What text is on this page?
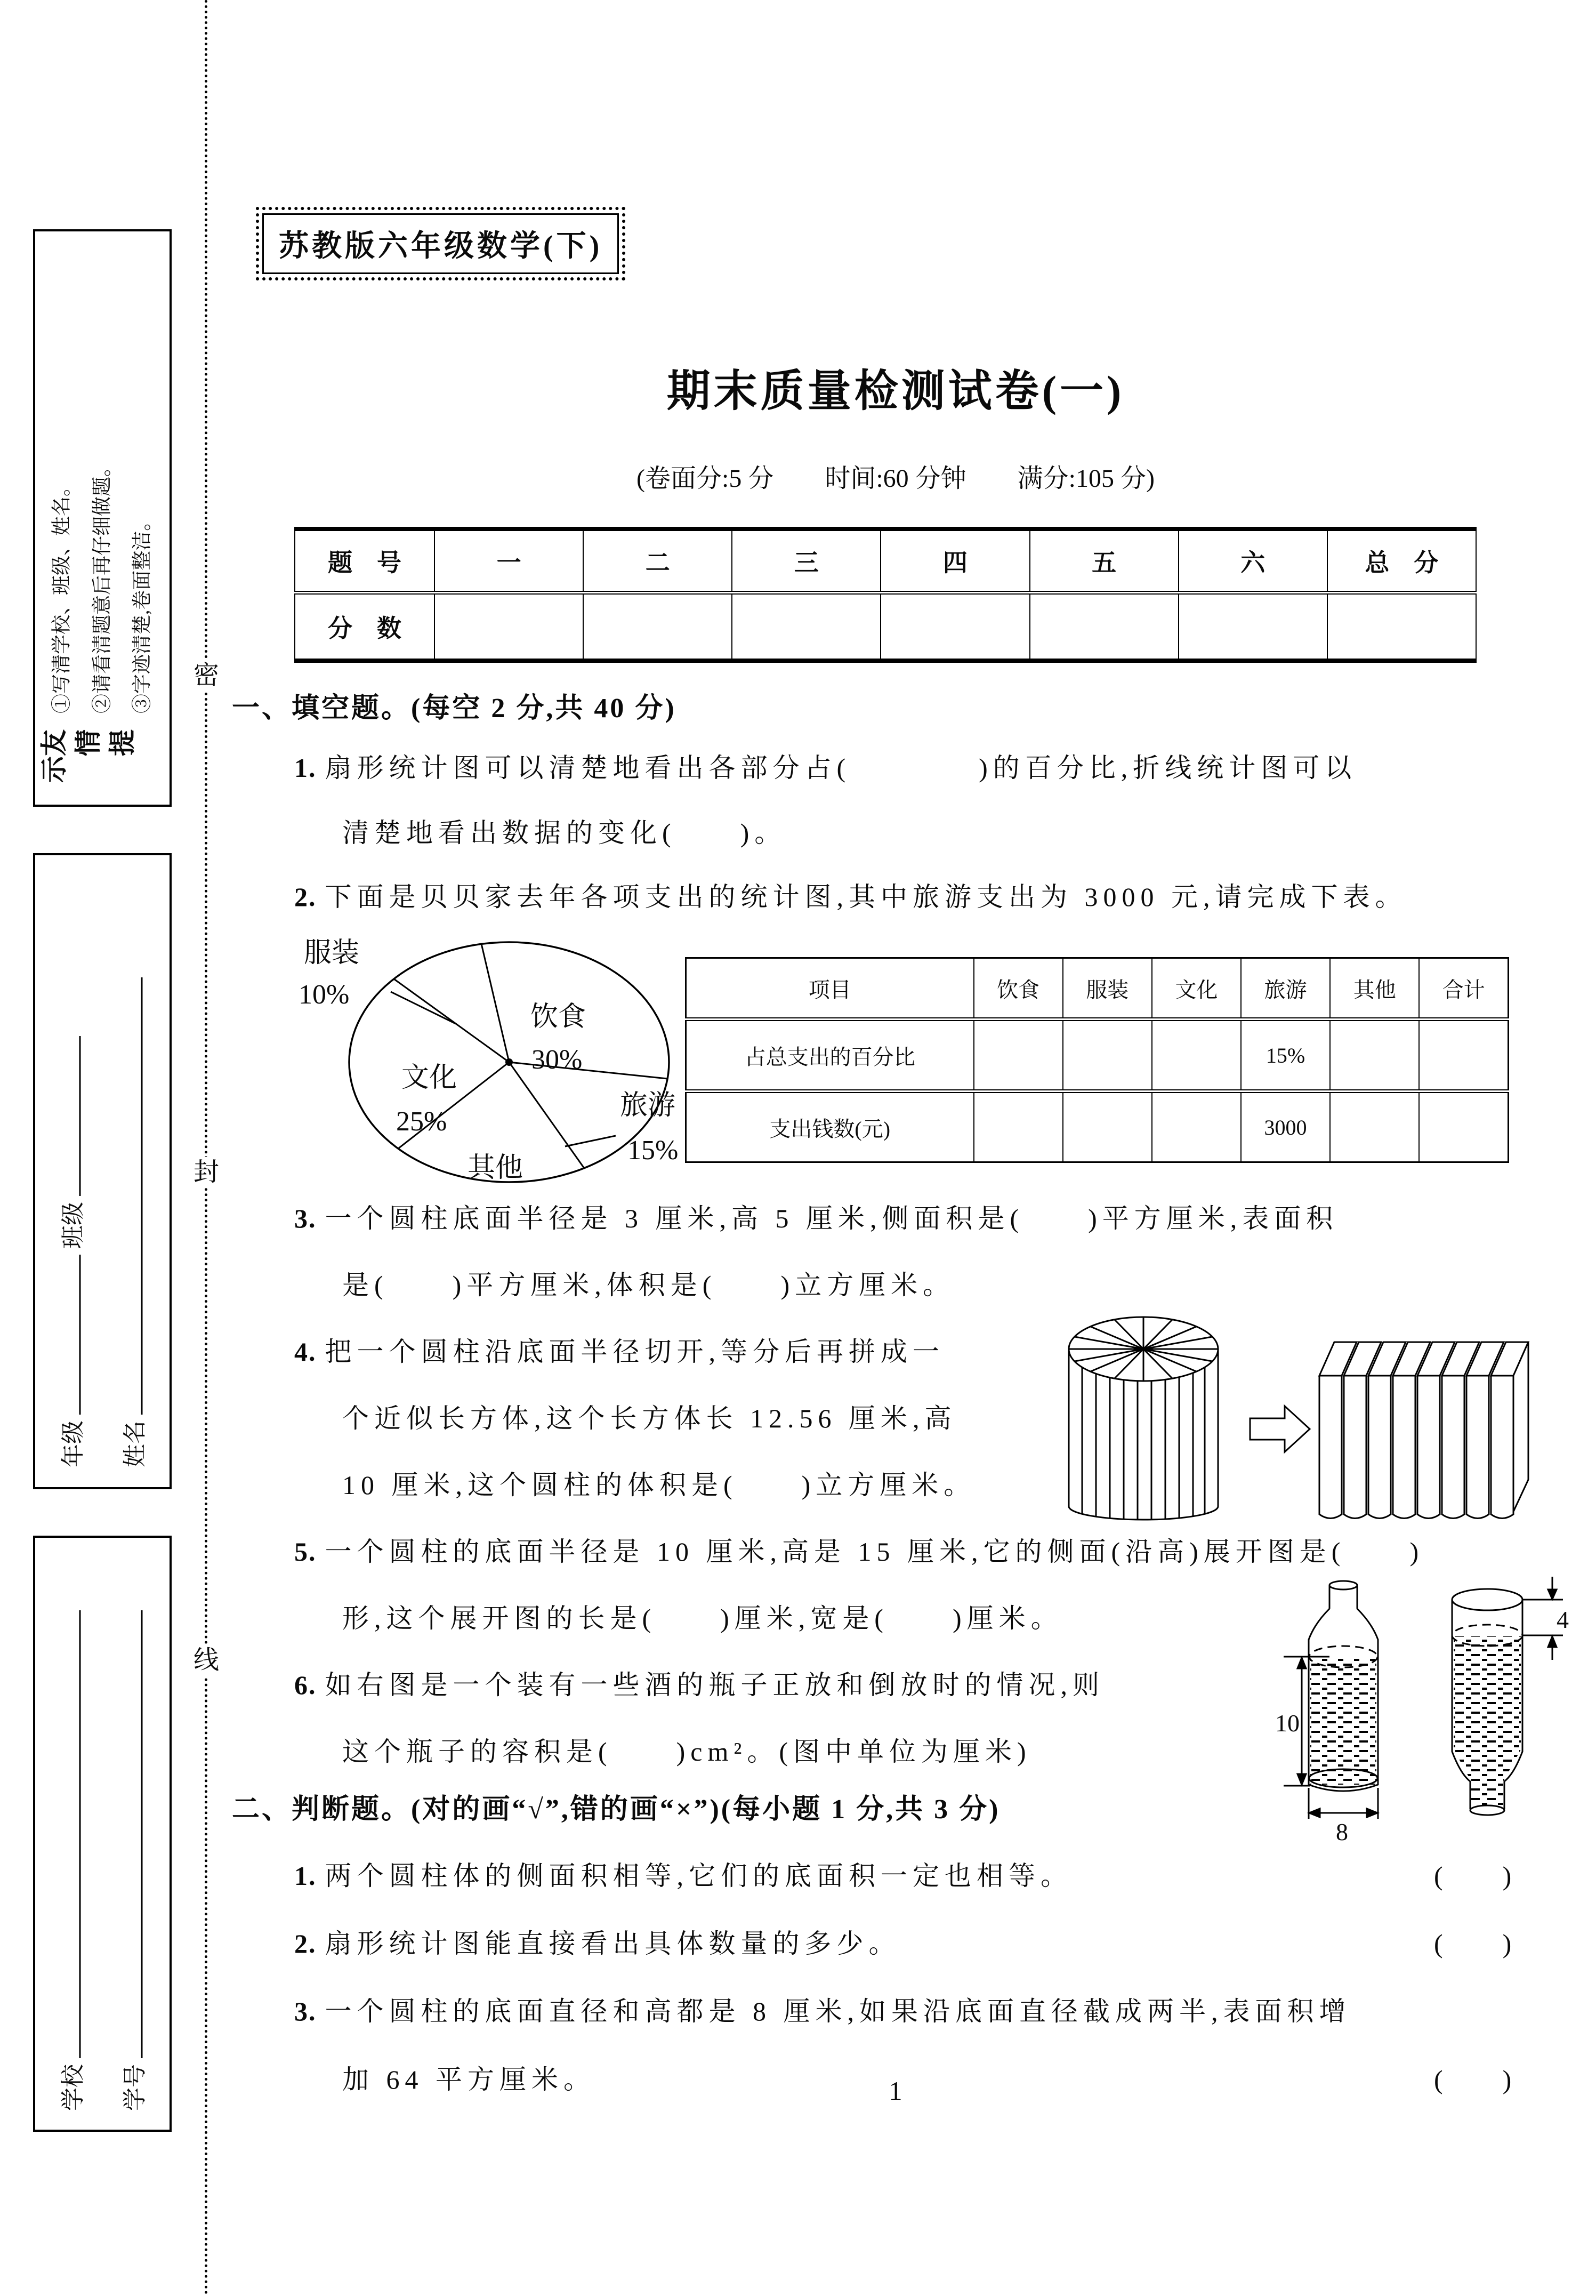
友情提示
①写清学校、班级、姓名。 ②请看清题意后再仔细做题。 ③字迹清楚,卷面整洁。
年级  班级
姓名
学校 学号
密
封
线
苏教版六年级数学(下)
期末质量检测试卷(一)
(卷面分:5 分　　时间:60 分钟　　满分:105 分)
题　号	一	二	三	四	五	六	总　分
分　数							
一、填空题。(每空 2 分,共 40 分)
1. 扇形统计图可以清楚地看出各部分占(　　　　)的百分比,折线统计图可以
清楚地看出数据的变化(　　)。
2. 下面是贝贝家去年各项支出的统计图,其中旅游支出为 3000 元,请完成下表。
饮食
30%
文化
25%
其他
服装
10%
旅游
15%
项目	饮食	服装	文化	旅游	其他	合计
占总支出的百分比				15%		
支出钱数(元)				3000		
3. 一个圆柱底面半径是 3 厘米,高 5 厘米,侧面积是(　　)平方厘米,表面积
是(　　)平方厘米,体积是(　　)立方厘米。
4. 把一个圆柱沿底面半径切开,等分后再拼成一
个近似长方体,这个长方体长 12.56 厘米,高
10 厘米,这个圆柱的体积是(　　)立方厘米。
5. 一个圆柱的底面半径是 10 厘米,高是 15 厘米,它的侧面(沿高)展开图是(　　)
形,这个展开图的长是(　　)厘米,宽是(　　)厘米。
6. 如右图是一个装有一些酒的瓶子正放和倒放时的情况,则
这个瓶子的容积是(　　)cm²。(图中单位为厘米)
10
8
4
二、判断题。(对的画“√”,错的画“×”)(每小题 1 分,共 3 分)
1. 两个圆柱体的侧面积相等,它们的底面积一定也相等。	(　　)
2. 扇形统计图能直接看出具体数量的多少。	(　　)
3. 一个圆柱的底面直径和高都是 8 厘米,如果沿底面直径截成两半,表面积增
加 64 平方厘米。	(　　)
1
